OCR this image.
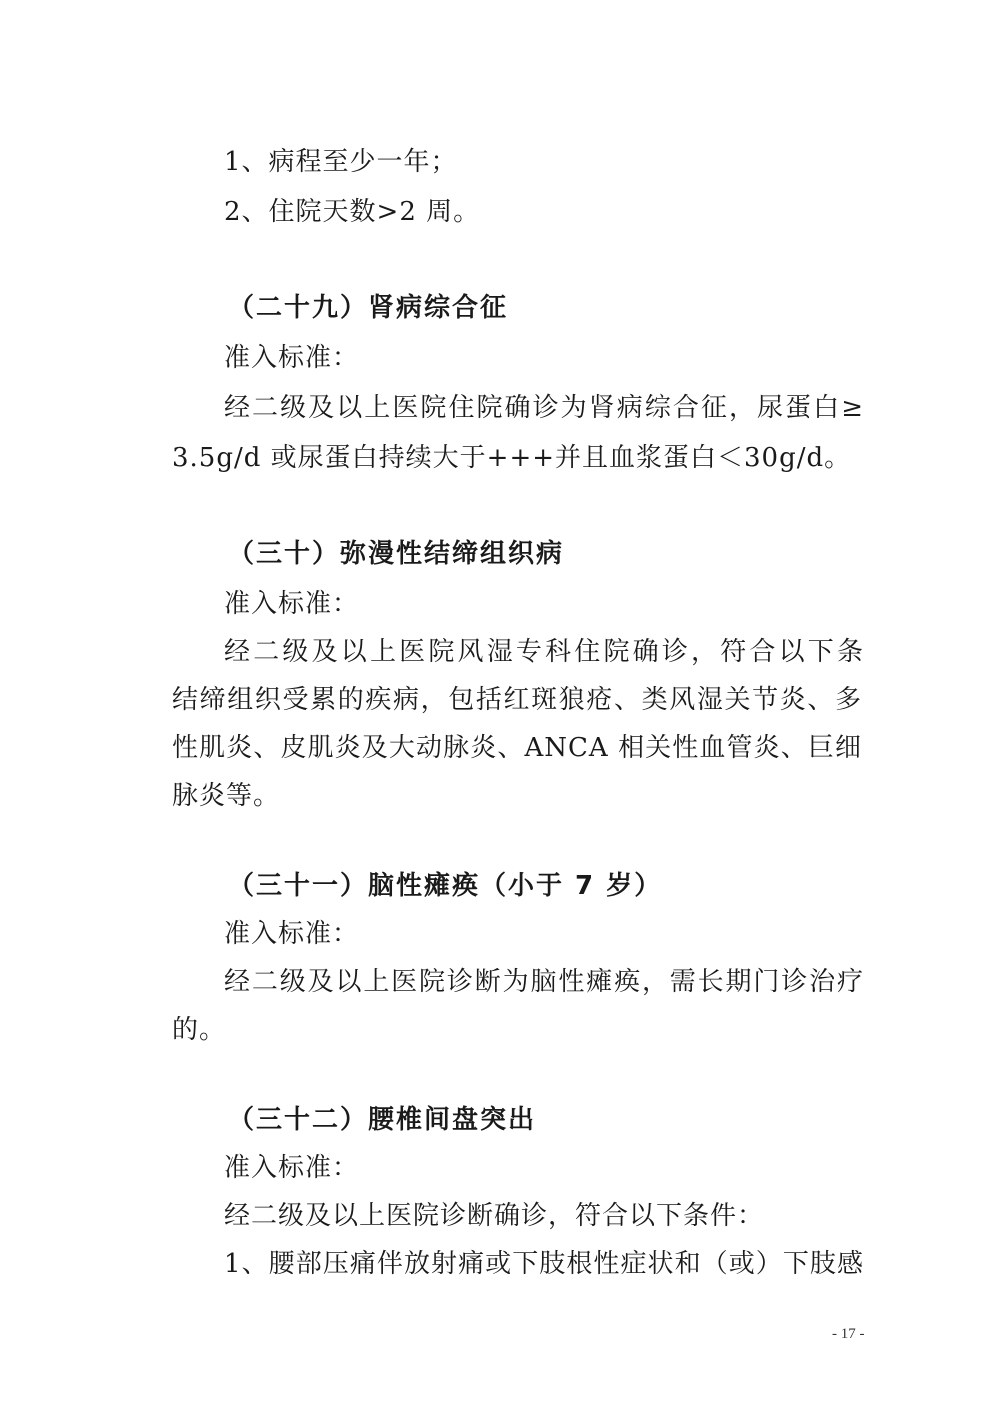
1、病程至少一年；
2、住院天数>2 周。
（二十九）肾病综合征
准入标准：
经二级及以上医院住院确诊为肾病综合征，尿蛋白≥
3.5g/d 或尿蛋白持续大于+++并且血浆蛋白＜30g/d。
（三十）弥漫性结缔组织病
准入标准：
经二级及以上医院风湿专科住院确诊，符合以下条
结缔组织受累的疾病，包括红斑狼疮、类风湿关节炎、多
性肌炎、皮肌炎及大动脉炎、ANCA 相关性血管炎、巨细
脉炎等。
（三十一）脑性瘫痪（小于 7 岁）
准入标准：
经二级及以上医院诊断为脑性瘫痪，需长期门诊治疗
的。
（三十二）腰椎间盘突出
准入标准：
经二级及以上医院诊断确诊，符合以下条件：
1、腰部压痛伴放射痛或下肢根性症状和（或）下肢感
- 17 -
